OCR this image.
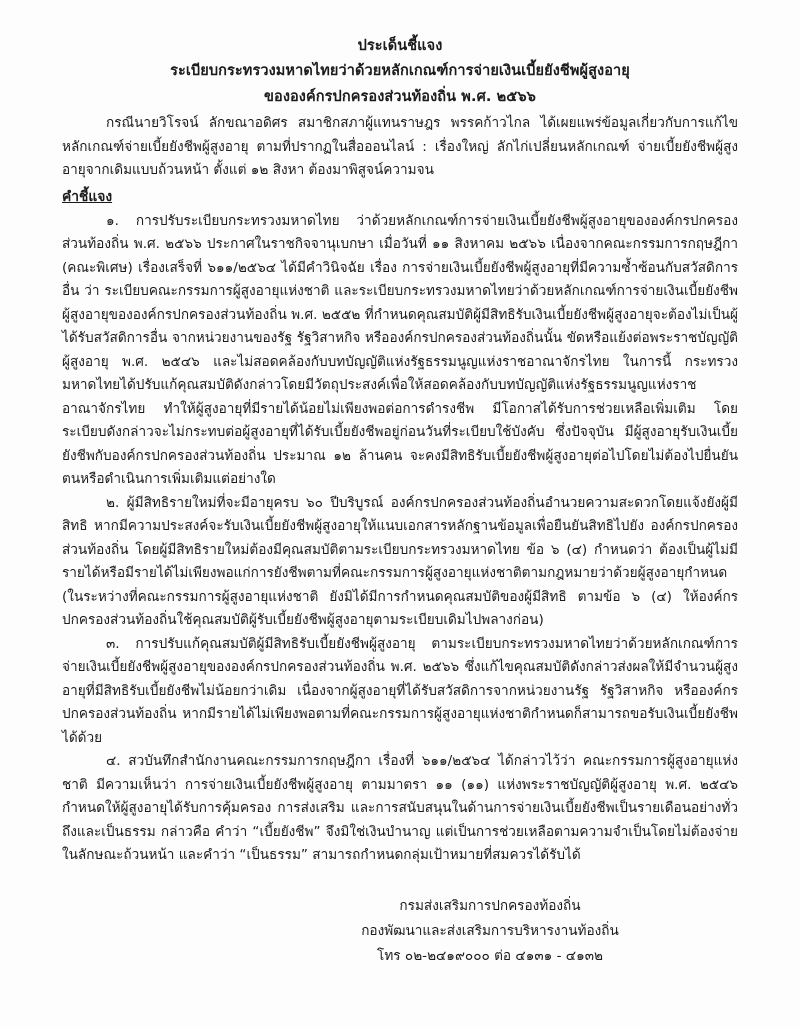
ประเด็นชี้แจง
ระเบียบกระทรวงมหาดไทยว่าด้วยหลักเกณฑ์การจ่ายเงินเบี้ยยังชีพผู้สูงอายุ
ขององค์กรปกครองส่วนท้องถิ่น พ.ศ. ๒๕๖๖

กรณีนายวิโรจน์ ลักขณาอดิศร สมาชิกสภาผู้แทนราษฎร พรรคก้าวไกล ได้เผยแพร่ข้อมูลเกี่ยวกับการแก้ไขหลักเกณฑ์จ่ายเบี้ยยังชีพผู้สูงอายุ ตามที่ปรากฏในสื่อออนไลน์ : เรื่องใหญ่ ลักไก่เปลี่ยนหลักเกณฑ์ จ่ายเบี้ยยังชีพผู้สูงอายุจากเดิมแบบถ้วนหน้า ตั้งแต่ ๑๒ สิงหา ต้องมาพิสูจน์ความจน

คำชี้แจง

๑. การปรับระเบียบกระทรวงมหาดไทย ว่าด้วยหลักเกณฑ์การจ่ายเงินเบี้ยยังชีพผู้สูงอายุขององค์กรปกครองส่วนท้องถิ่น พ.ศ. ๒๕๖๖ ประกาศในราชกิจจานุเบกษา เมื่อวันที่ ๑๑ สิงหาคม ๒๕๖๖ เนื่องจากคณะกรรมการกฤษฎีกา (คณะพิเศษ) เรื่องเสร็จที่ ๖๑๑/๒๕๖๔ ได้มีคำวินิจฉัย เรื่อง การจ่ายเงินเบี้ยยังชีพผู้สูงอายุที่มีความซ้ำซ้อนกับสวัสดิการอื่น ว่า ระเบียบคณะกรรมการผู้สูงอายุแห่งชาติ และระเบียบกระทรวงมหาดไทยว่าด้วยหลักเกณฑ์การจ่ายเงินเบี้ยยังชีพผู้สูงอายุขององค์กรปกครองส่วนท้องถิ่น พ.ศ. ๒๕๕๒ ที่กำหนดคุณสมบัติผู้มีสิทธิรับเงินเบี้ยยังชีพผู้สูงอายุจะต้องไม่เป็นผู้ได้รับสวัสดิการอื่น จากหน่วยงานของรัฐ รัฐวิสาหกิจ หรือองค์กรปกครองส่วนท้องถิ่นนั้น ขัดหรือแย้งต่อพระราชบัญญัติผู้สูงอายุ พ.ศ. ๒๕๔๖ และไม่สอดคล้องกับบทบัญญัติแห่งรัฐธรรมนูญแห่งราชอาณาจักรไทย ในการนี้ กระทรวงมหาดไทยได้ปรับแก้คุณสมบัติดังกล่าวโดยมีวัตถุประสงค์เพื่อให้สอดคล้องกับบทบัญญัติแห่งรัฐธรรมนูญแห่งราชอาณาจักรไทย ทำให้ผู้สูงอายุที่มีรายได้น้อยไม่เพียงพอต่อการดำรงชีพ มีโอกาสได้รับการช่วยเหลือเพิ่มเติม โดยระเบียบดังกล่าวจะไม่กระทบต่อผู้สูงอายุที่ได้รับเบี้ยยังชีพอยู่ก่อนวันที่ระเบียบใช้บังคับ ซึ่งปัจจุบัน มีผู้สูงอายุรับเงินเบี้ยยังชีพกับองค์กรปกครองส่วนท้องถิ่น ประมาณ ๑๒ ล้านคน จะคงมีสิทธิรับเบี้ยยังชีพผู้สูงอายุต่อไปโดยไม่ต้องไปยื่นยันตนหรือดำเนินการเพิ่มเติมแต่อย่างใด

๒. ผู้มีสิทธิรายใหม่ที่จะมีอายุครบ ๖๐ ปีบริบูรณ์ องค์กรปกครองส่วนท้องถิ่นอำนวยความสะดวกโดยแจ้งยังผู้มีสิทธิ หากมีความประสงค์จะรับเงินเบี้ยยังชีพผู้สูงอายุให้แนบเอกสารหลักฐานข้อมูลเพื่อยืนยันสิทธิไปยัง องค์กรปกครองส่วนท้องถิ่น โดยผู้มีสิทธิรายใหม่ต้องมีคุณสมบัติตามระเบียบกระทรวงมหาดไทย ข้อ ๖ (๔) กำหนดว่า ต้องเป็นผู้ไม่มีรายได้หรือมีรายได้ไม่เพียงพอแก่การยังชีพตามที่คณะกรรมการผู้สูงอายุแห่งชาติตามกฎหมายว่าด้วยผู้สูงอายุกำหนด (ในระหว่างที่คณะกรรมการผู้สูงอายุแห่งชาติ ยังมิได้มีการกำหนดคุณสมบัติของผู้มีสิทธิ ตามข้อ ๖ (๔) ให้องค์กรปกครองส่วนท้องถิ่นใช้คุณสมบัติผู้รับเบี้ยยังชีพผู้สูงอายุตามระเบียบเดิมไปพลางก่อน)

๓. การปรับแก้คุณสมบัติผู้มีสิทธิรับเบี้ยยังชีพผู้สูงอายุ ตามระเบียบกระทรวงมหาดไทยว่าด้วยหลักเกณฑ์การจ่ายเงินเบี้ยยังชีพผู้สูงอายุขององค์กรปกครองส่วนท้องถิ่น พ.ศ. ๒๕๖๖ ซึ่งแก้ไขคุณสมบัติดังกล่าวส่งผลให้มีจำนวนผู้สูงอายุที่มีสิทธิรับเบี้ยยังชีพไม่น้อยกว่าเดิม เนื่องจากผู้สูงอายุที่ได้รับสวัสดิการจากหน่วยงานรัฐ รัฐวิสาหกิจ หรือองค์กรปกครองส่วนท้องถิ่น หากมีรายได้ไม่เพียงพอตามที่คณะกรรมการผู้สูงอายุแห่งชาติกำหนดก็สามารถขอรับเงินเบี้ยยังชีพได้ด้วย

๔. สวบันทึกสำนักงานคณะกรรมการกฤษฎีกา เรื่องที่ ๖๑๑/๒๕๖๔ ได้กล่าวไว้ว่า คณะกรรมการผู้สูงอายุแห่งชาติ มีความเห็นว่า การจ่ายเงินเบี้ยยังชีพผู้สูงอายุ ตามมาตรา ๑๑ (๑๑) แห่งพระราชบัญญัติผู้สูงอายุ พ.ศ. ๒๕๔๖ กำหนดให้ผู้สูงอายุได้รับการคุ้มครอง การส่งเสริม และการสนับสนุนในด้านการจ่ายเงินเบี้ยยังชีพเป็นรายเดือนอย่างทั่วถึงและเป็นธรรม กล่าวคือ คำว่า “เบี้ยยังชีพ” จึงมิใช่เงินบำนาญ แต่เป็นการช่วยเหลือตามความจำเป็นโดยไม่ต้องจ่ายในลักษณะถ้วนหน้า และคำว่า “เป็นธรรม” สามารถกำหนดกลุ่มเป้าหมายที่สมควรได้รับได้

กรมส่งเสริมการปกครองท้องถิ่น
กองพัฒนาและส่งเสริมการบริหารงานท้องถิ่น
โทร ๐๒-๒๔๑๙๐๐๐ ต่อ ๔๑๓๑ - ๔๑๓๒
